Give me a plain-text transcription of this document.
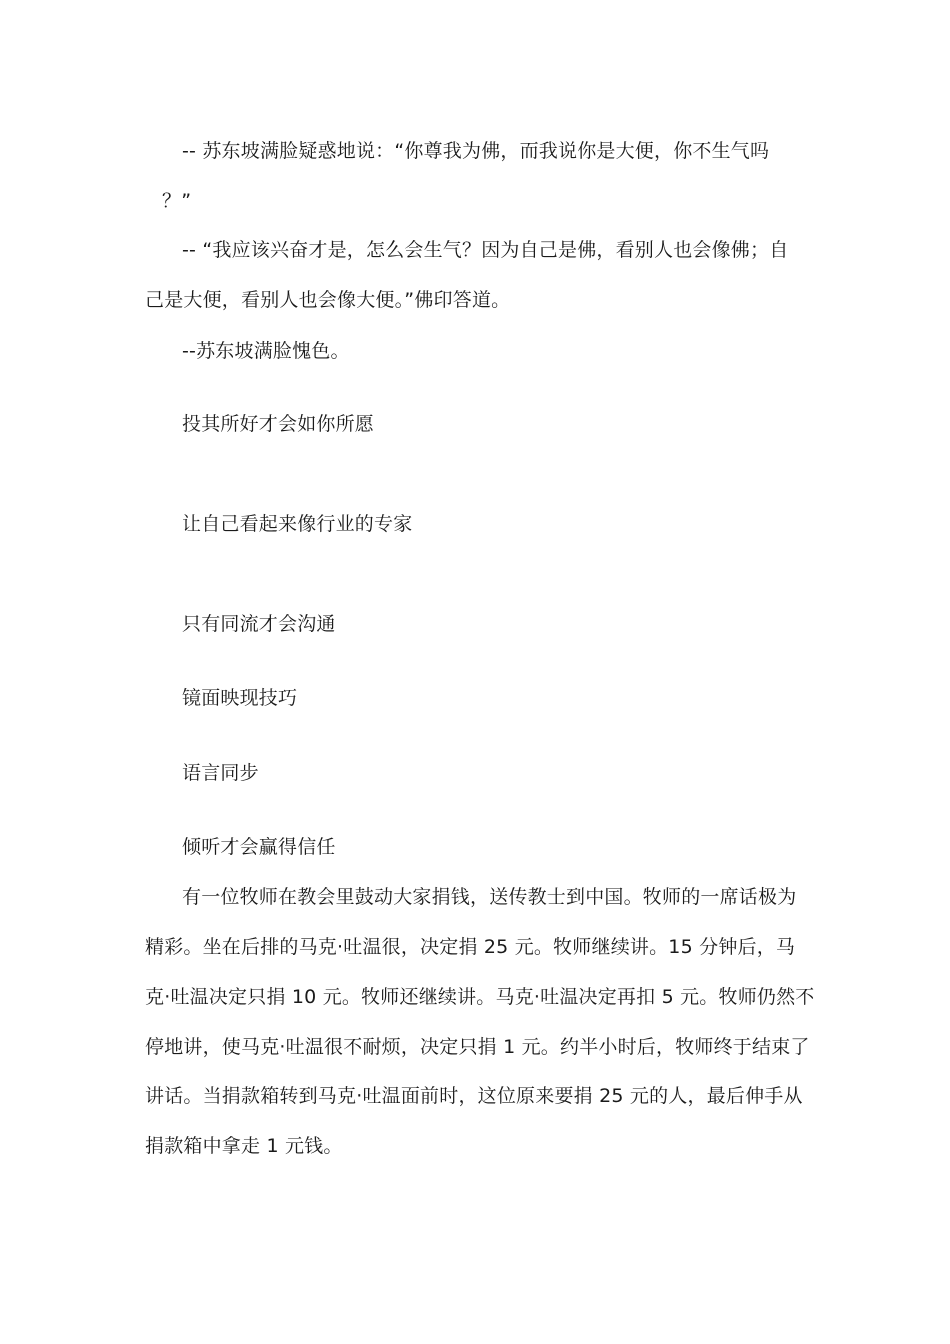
-- 苏东坡满脸疑惑地说：“你尊我为佛，而我说你是大便，你不生气吗
？”
-- “我应该兴奋才是，怎么会生气？因为自己是佛，看别人也会像佛；自
己是大便，看别人也会像大便。”佛印答道。
--苏东坡满脸愧色。
投其所好才会如你所愿
让自己看起来像行业的专家
只有同流才会沟通
镜面映现技巧
语言同步
倾听才会赢得信任
有一位牧师在教会里鼓动大家捐钱，送传教士到中国。牧师的一席话极为
精彩。坐在后排的马克·吐温很，决定捐 25 元。牧师继续讲。15 分钟后，马
克·吐温决定只捐 10 元。牧师还继续讲。马克·吐温决定再扣 5 元。牧师仍然不
停地讲，使马克·吐温很不耐烦，决定只捐 1 元。约半小时后，牧师终于结束了
讲话。当捐款箱转到马克·吐温面前时，这位原来要捐 25 元的人，最后伸手从
捐款箱中拿走 1 元钱。
